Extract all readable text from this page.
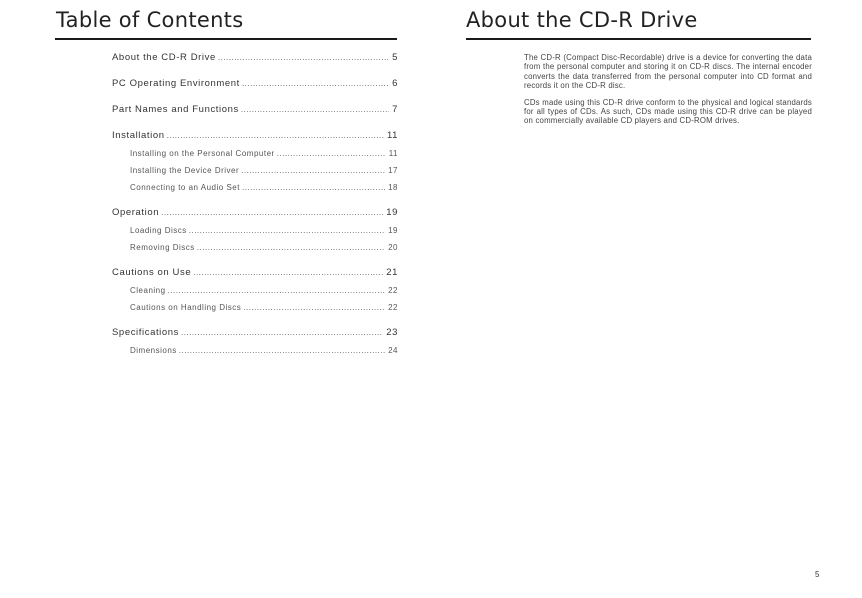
Table of Contents
About the CD-R Drive .....	5
PC Operating Environment .....	6
Part Names and Functions .....	7
Installation .....	11
Installing on the Personal Computer .....	11
Installing the Device Driver .....	17
Connecting to an Audio Set .....	18
Operation .....	19
Loading Discs .....	19
Removing Discs .....	20
Cautions on Use .....	21
Cleaning .....	22
Cautions on Handling Discs .....	22
Specifications .....	23
Dimensions .....	24
About the CD-R Drive

The CD-R (Compact Disc-Recordable) drive is a device for converting the data from the personal computer and storing it on CD-R discs. The internal encoder converts the data transferred from the personal computer into CD format and records it on the CD-R disc.

CDs made using this CD-R drive conform to the physical and logical standards for all types of CDs. As such, CDs made using this CD-R drive can be played on commercially available CD players and CD-ROM drives.

5
